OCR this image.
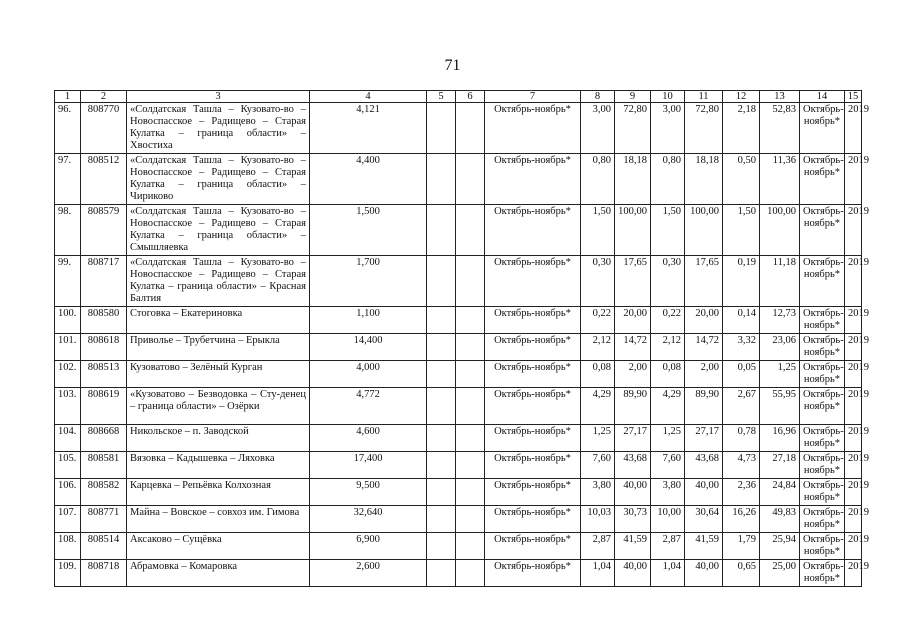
71
1	2	3	4	5	6	7	8	9	10	11	12	13	14	15
96.	808770	«Солдатская Ташла – Кузовато-во – Новоспасское – Радищево – Старая Кулатка – граница области» – Хвостиха	4,121			Октябрь-ноябрь*	3,00	72,80	3,00	72,80	2,18	52,83	Октябрь-ноябрь*	2019
97.	808512	«Солдатская Ташла – Кузовато-во – Новоспасское – Радищево – Старая Кулатка – граница области» – Чириково	4,400			Октябрь-ноябрь*	0,80	18,18	0,80	18,18	0,50	11,36	Октябрь-ноябрь*	2019
98.	808579	«Солдатская Ташла – Кузовато-во – Новоспасское – Радищево – Старая Кулатка – граница области» – Смышляевка	1,500			Октябрь-ноябрь*	1,50	100,00	1,50	100,00	1,50	100,00	Октябрь-ноябрь*	2019
99.	808717	«Солдатская Ташла – Кузовато-во – Новоспасское – Радищево – Старая Кулатка – граница области» – Красная Балтия	1,700			Октябрь-ноябрь*	0,30	17,65	0,30	17,65	0,19	11,18	Октябрь-ноябрь*	2019
100.	808580	Стоговка – Екатериновка	1,100			Октябрь-ноябрь*	0,22	20,00	0,22	20,00	0,14	12,73	Октябрь-ноябрь*	2019
101.	808618	Приволье – Трубетчина – Ерыкла	14,400			Октябрь-ноябрь*	2,12	14,72	2,12	14,72	3,32	23,06	Октябрь-ноябрь*	2019
102.	808513	Кузоватово – Зелёный Курган	4,000			Октябрь-ноябрь*	0,08	2,00	0,08	2,00	0,05	1,25	Октябрь-ноябрь*	2019
103.	808619	«Кузоватово – Безводовка – Сту-денец – граница области» – Озёрки	4,772			Октябрь-ноябрь*	4,29	89,90	4,29	89,90	2,67	55,95	Октябрь-ноябрь*	2019
104.	808668	Никольское – п. Заводской	4,600			Октябрь-ноябрь*	1,25	27,17	1,25	27,17	0,78	16,96	Октябрь-ноябрь*	2019
105.	808581	Вязовка – Кадышевка – Ляховка	17,400			Октябрь-ноябрь*	7,60	43,68	7,60	43,68	4,73	27,18	Октябрь-ноябрь*	2019
106.	808582	Карцевка – Репьёвка Колхозная	9,500			Октябрь-ноябрь*	3,80	40,00	3,80	40,00	2,36	24,84	Октябрь-ноябрь*	2019
107.	808771	Майна – Вовское – совхоз им. Гимова	32,640			Октябрь-ноябрь*	10,03	30,73	10,00	30,64	16,26	49,83	Октябрь-ноябрь*	2019
108.	808514	Аксаково – Сущёвка	6,900			Октябрь-ноябрь*	2,87	41,59	2,87	41,59	1,79	25,94	Октябрь-ноябрь*	2019
109.	808718	Абрамовка – Комаровка	2,600			Октябрь-ноябрь*	1,04	40,00	1,04	40,00	0,65	25,00	Октябрь-ноябрь*	2019
